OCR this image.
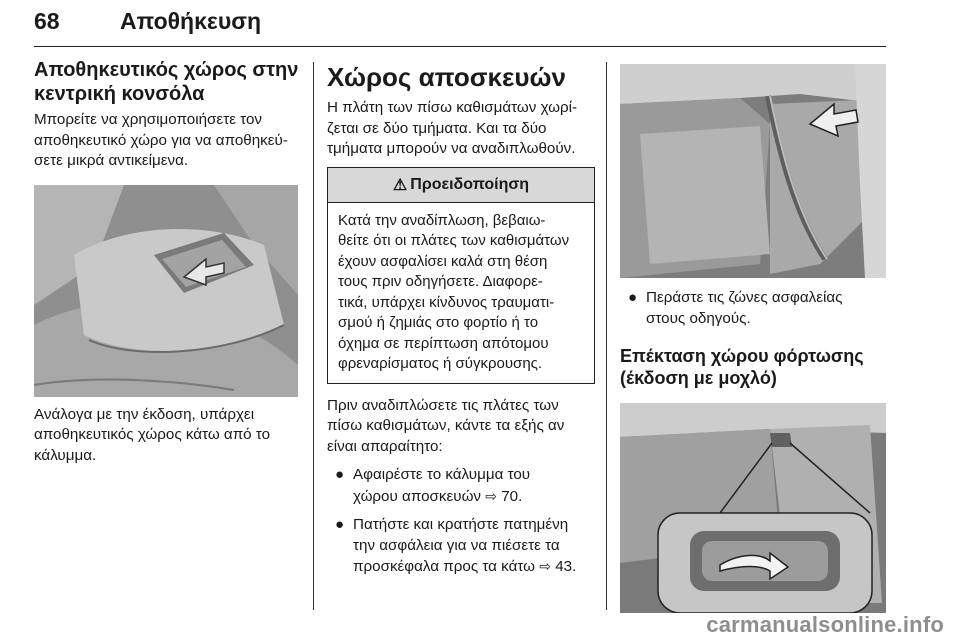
68	Αποθήκευση
Αποθηκευτικός χώρος στην
κεντρική κονσόλα

Μπορείτε να χρησιμοποιήσετε τον
αποθηκευτικό χώρο για να αποθηκεύ-
σετε μικρά αντικείμενα.

Ανάλογα με την έκδοση, υπάρχει
αποθηκευτικός χώρος κάτω από το
κάλυμμα.

Χώρος αποσκευών

Η πλάτη των πίσω καθισμάτων χωρί-
ζεται σε δύο τμήματα. Και τα δύο
τμήματα μπορούν να αναδιπλωθούν.

⚠ Προειδοποίηση
Κατά την αναδίπλωση, βεβαιω-
θείτε ότι οι πλάτες των καθισμάτων
έχουν ασφαλίσει καλά στη θέση
τους πριν οδηγήσετε. Διαφορε-
τικά, υπάρχει κίνδυνος τραυματι-
σμού ή ζημιάς στο φορτίο ή το
όχημα σε περίπτωση απότομου
φρεναρίσματος ή σύγκρουσης.

Πριν αναδιπλώσετε τις πλάτες των
πίσω καθισμάτων, κάντε τα εξής αν
είναι απαραίτητο:

● Αφαιρέστε το κάλυμμα του
χώρου αποσκευών ⇨ 70.
● Πατήστε και κρατήστε πατημένη
την ασφάλεια για να πιέσετε τα
προσκέφαλα προς τα κάτω ⇨ 43.
● Περάστε τις ζώνες ασφαλείας
στους οδηγούς.
Επέκταση χώρου φόρτωσης
(έκδοση με μοχλό)
carmanualsonline.info
